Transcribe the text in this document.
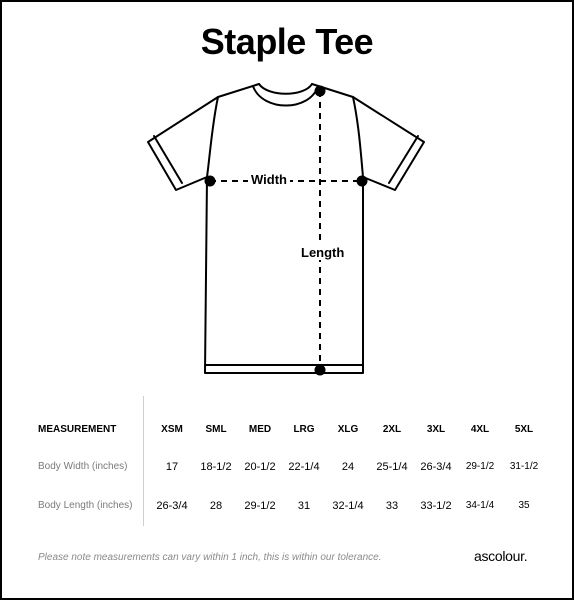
Staple Tee
Width
Length
MEASUREMENT	XSM	SML	MED	LRG	XLG	2XL	3XL	4XL	5XL
Body Width (inches)	17	18-1/2	20-1/2	22-1/4	24	25-1/4	26-3/4	29-1/2	31-1/2
Body Length (inches)	26-3/4	28	29-1/2	31	32-1/4	33	33-1/2	34-1/4	35
Please note measurements can vary within 1 inch, this is within our tolerance.	ascolour.
